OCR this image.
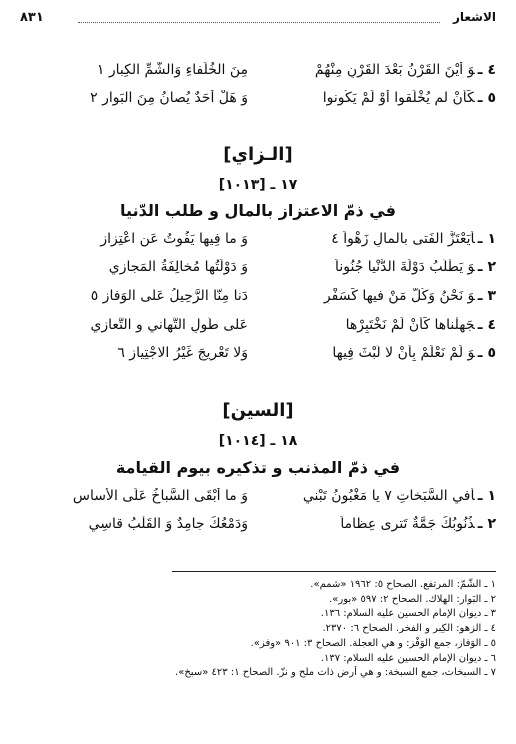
الاشعار
٨٣١
٤ ـوَ أيْنَ القَرْنُ بَعْدَ القَرْنِ مِنْهُمْ
مِنَ الخُلَفاءِ وَالشُّمِّ الكِبارِ ١
٥ ـكَأنْ لم يُخْلَقوا أوْ لَمْ يَكُونوا
وَ هَلْ أحَدٌ يُصانُ مِنَ البَوارِ ٢
[الـزاي]
١٧ ـ [١٠١٣]
في ذمّ الاعتزاز بالمال و طلب الدّنيا
١ ـأيَعْتَزُّ الفَتى بالمالِ زَهْواً ٤
وَ ما فِيها يَفُوتُ عَنِ اعْتِزازِ
٢ ـوَ يَطْلُبُ دَوْلَةَ الدُّنْيا جُنُوناً
وَ دَوْلَتُها مُخالِفَةُ المَجازي
٣ ـوَ نَحْنُ وَكُلُّ مَنْ فيها كَسَفْرٍ
دَنا مِنّا الرَّحِيلُ عَلى الوَفازِ ٥
٤ ـجَهِلْناها كَأنْ لَمْ نَخْتَبِرْها
عَلى طُولِ التَّهاني و التَّعازي
٥ ـوَ لَمْ نَعْلَمْ بِأنْ لا لُبْثَ فِيها
وَلا تَعْرِيجَ غَيْرُ الاجْتِيازِ ٦
[السين]
١٨ ـ [١٠١٤]
في ذمّ المذنب و تذكيره بيوم القيامة
١ ـأفي السَّبَخاتِ ٧ يا مَغْبُونُ تَبْني
وَ ما أبْقَى السَّباخُ عَلَى الأساسِ
٢ ـذُنُوبُكَ جَمَّةٌ تَترى عِظاماً
وَدَمْعُكَ جامِدٌ وَ القَلْبُ قاسِي
١ ـ الشُّمّ: المرتفع. الصحاح ٥: ١٩٦٢ «شمم».
٢ ـ البَوار: الهلاك. الصحاح ٢: ٥٩٧ «بور».
٣ ـ ديوان الإمام الحسين عليه السلام: ١٣٦.
٤ ـ الزهو: الكِبر و الفخر. الصحاح ٦: ٢٣٧٠.
٥ ـ الوَفاز، جمع الوَفْز: و هي العجلة. الصحاح ٣: ٩٠١ «وفز».
٦ ـ ديوان الإمام الحسين عليه السلام: ١٣٧.
٧ ـ السبخات، جمع السبخة: و هي أرض ذات ملح و نزّ. الصحاح ١: ٤٢٣ «سبخ».
